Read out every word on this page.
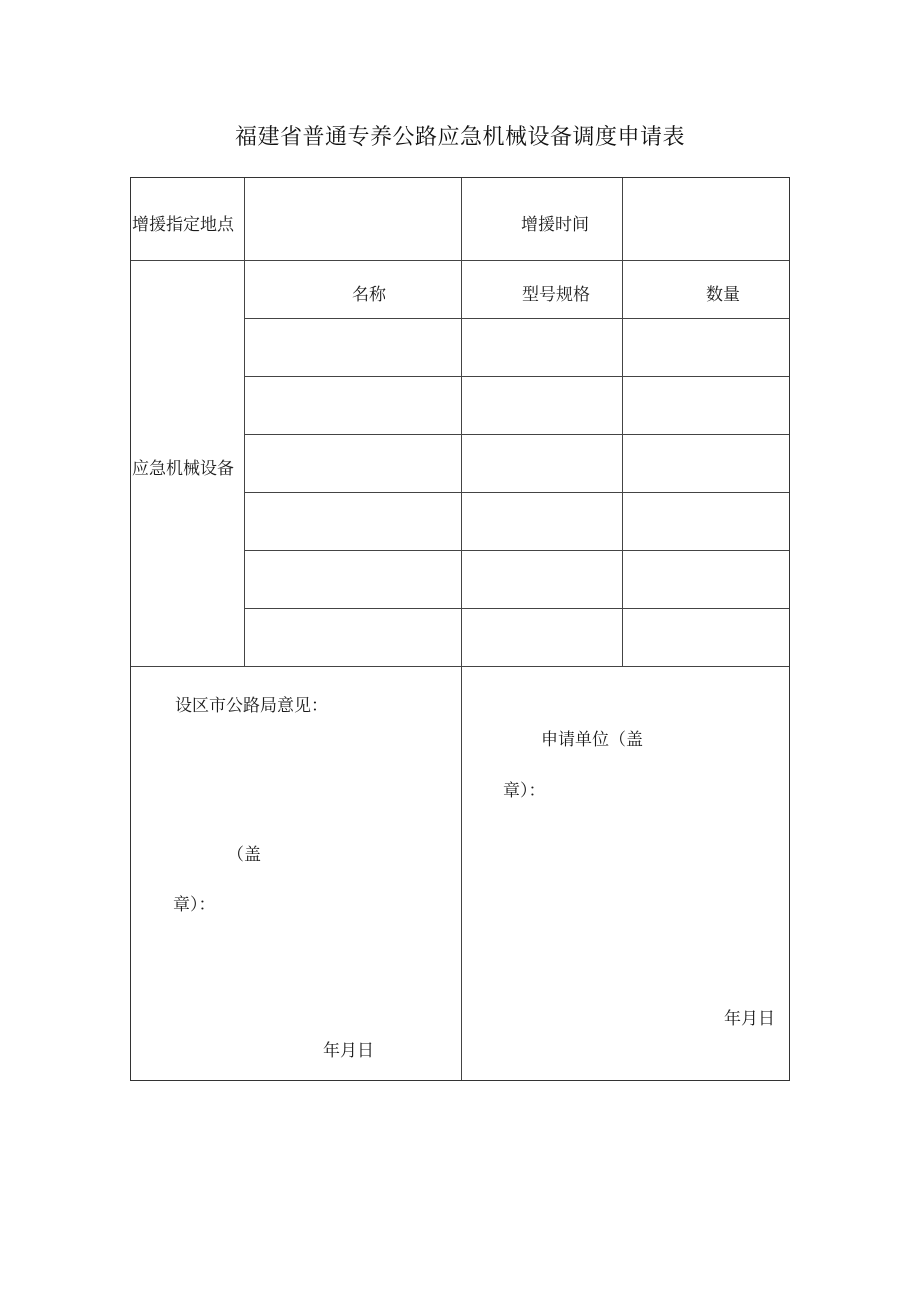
福建省普通专养公路应急机械设备调度申请表
增援指定地点	增援时间
应急机械设备
名称	型号规格	数量
设区市公路局意见：
（盖
章）：
年月日
申请单位（盖
章）：
年月日
